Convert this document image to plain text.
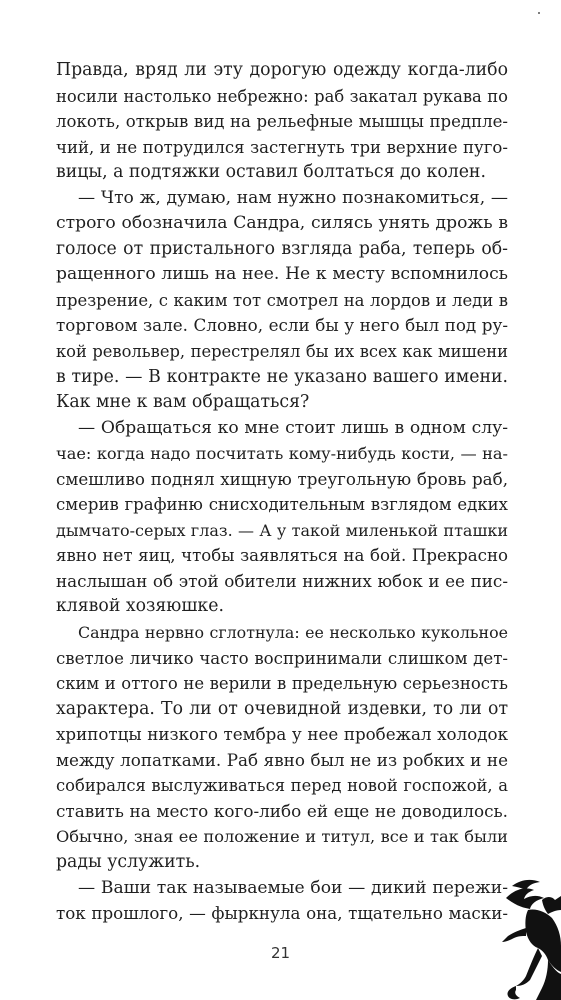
Правда, вряд ли эту дорогую одежду когда-либо
носили настолько небрежно: раб закатал рукава по
локоть, открыв вид на рельефные мышцы предпле-
чий, и не потрудился застегнуть три верхние пуго-
вицы, а подтяжки оставил болтаться до колен.
— Что ж, думаю, нам нужно познакомиться, —
строго обозначила Сандра, силясь унять дрожь в
голосе от пристального взгляда раба, теперь об-
ращенного лишь на нее. Не к месту вспомнилось
презрение, с каким тот смотрел на лордов и леди в
торговом зале. Словно, если бы у него был под ру-
кой револьвер, перестрелял бы их всех как мишени
в тире. — В контракте не указано вашего имени.
Как мне к вам обращаться?
— Обращаться ко мне стоит лишь в одном слу-
чае: когда надо посчитать кому-нибудь кости, — на-
смешливо поднял хищную треугольную бровь раб,
смерив графиню снисходительным взглядом едких
дымчато-серых глаз. — А у такой миленькой пташки
явно нет яиц, чтобы заявляться на бой. Прекрасно
наслышан об этой обители нижних юбок и ее пис-
клявой хозяюшке.
Сандра нервно сглотнула: ее несколько кукольное
светлое личико часто воспринимали слишком дет-
ским и оттого не верили в предельную серьезность
характера. То ли от очевидной издевки, то ли от
хрипотцы низкого тембра у нее пробежал холодок
между лопатками. Раб явно был не из робких и не
собирался выслуживаться перед новой госпожой, а
ставить на место кого-либо ей еще не доводилось.
Обычно, зная ее положение и титул, все и так были
рады услужить.
— Ваши так называемые бои — дикий пережи-
ток прошлого, — фыркнула она, тщательно маски-
21
